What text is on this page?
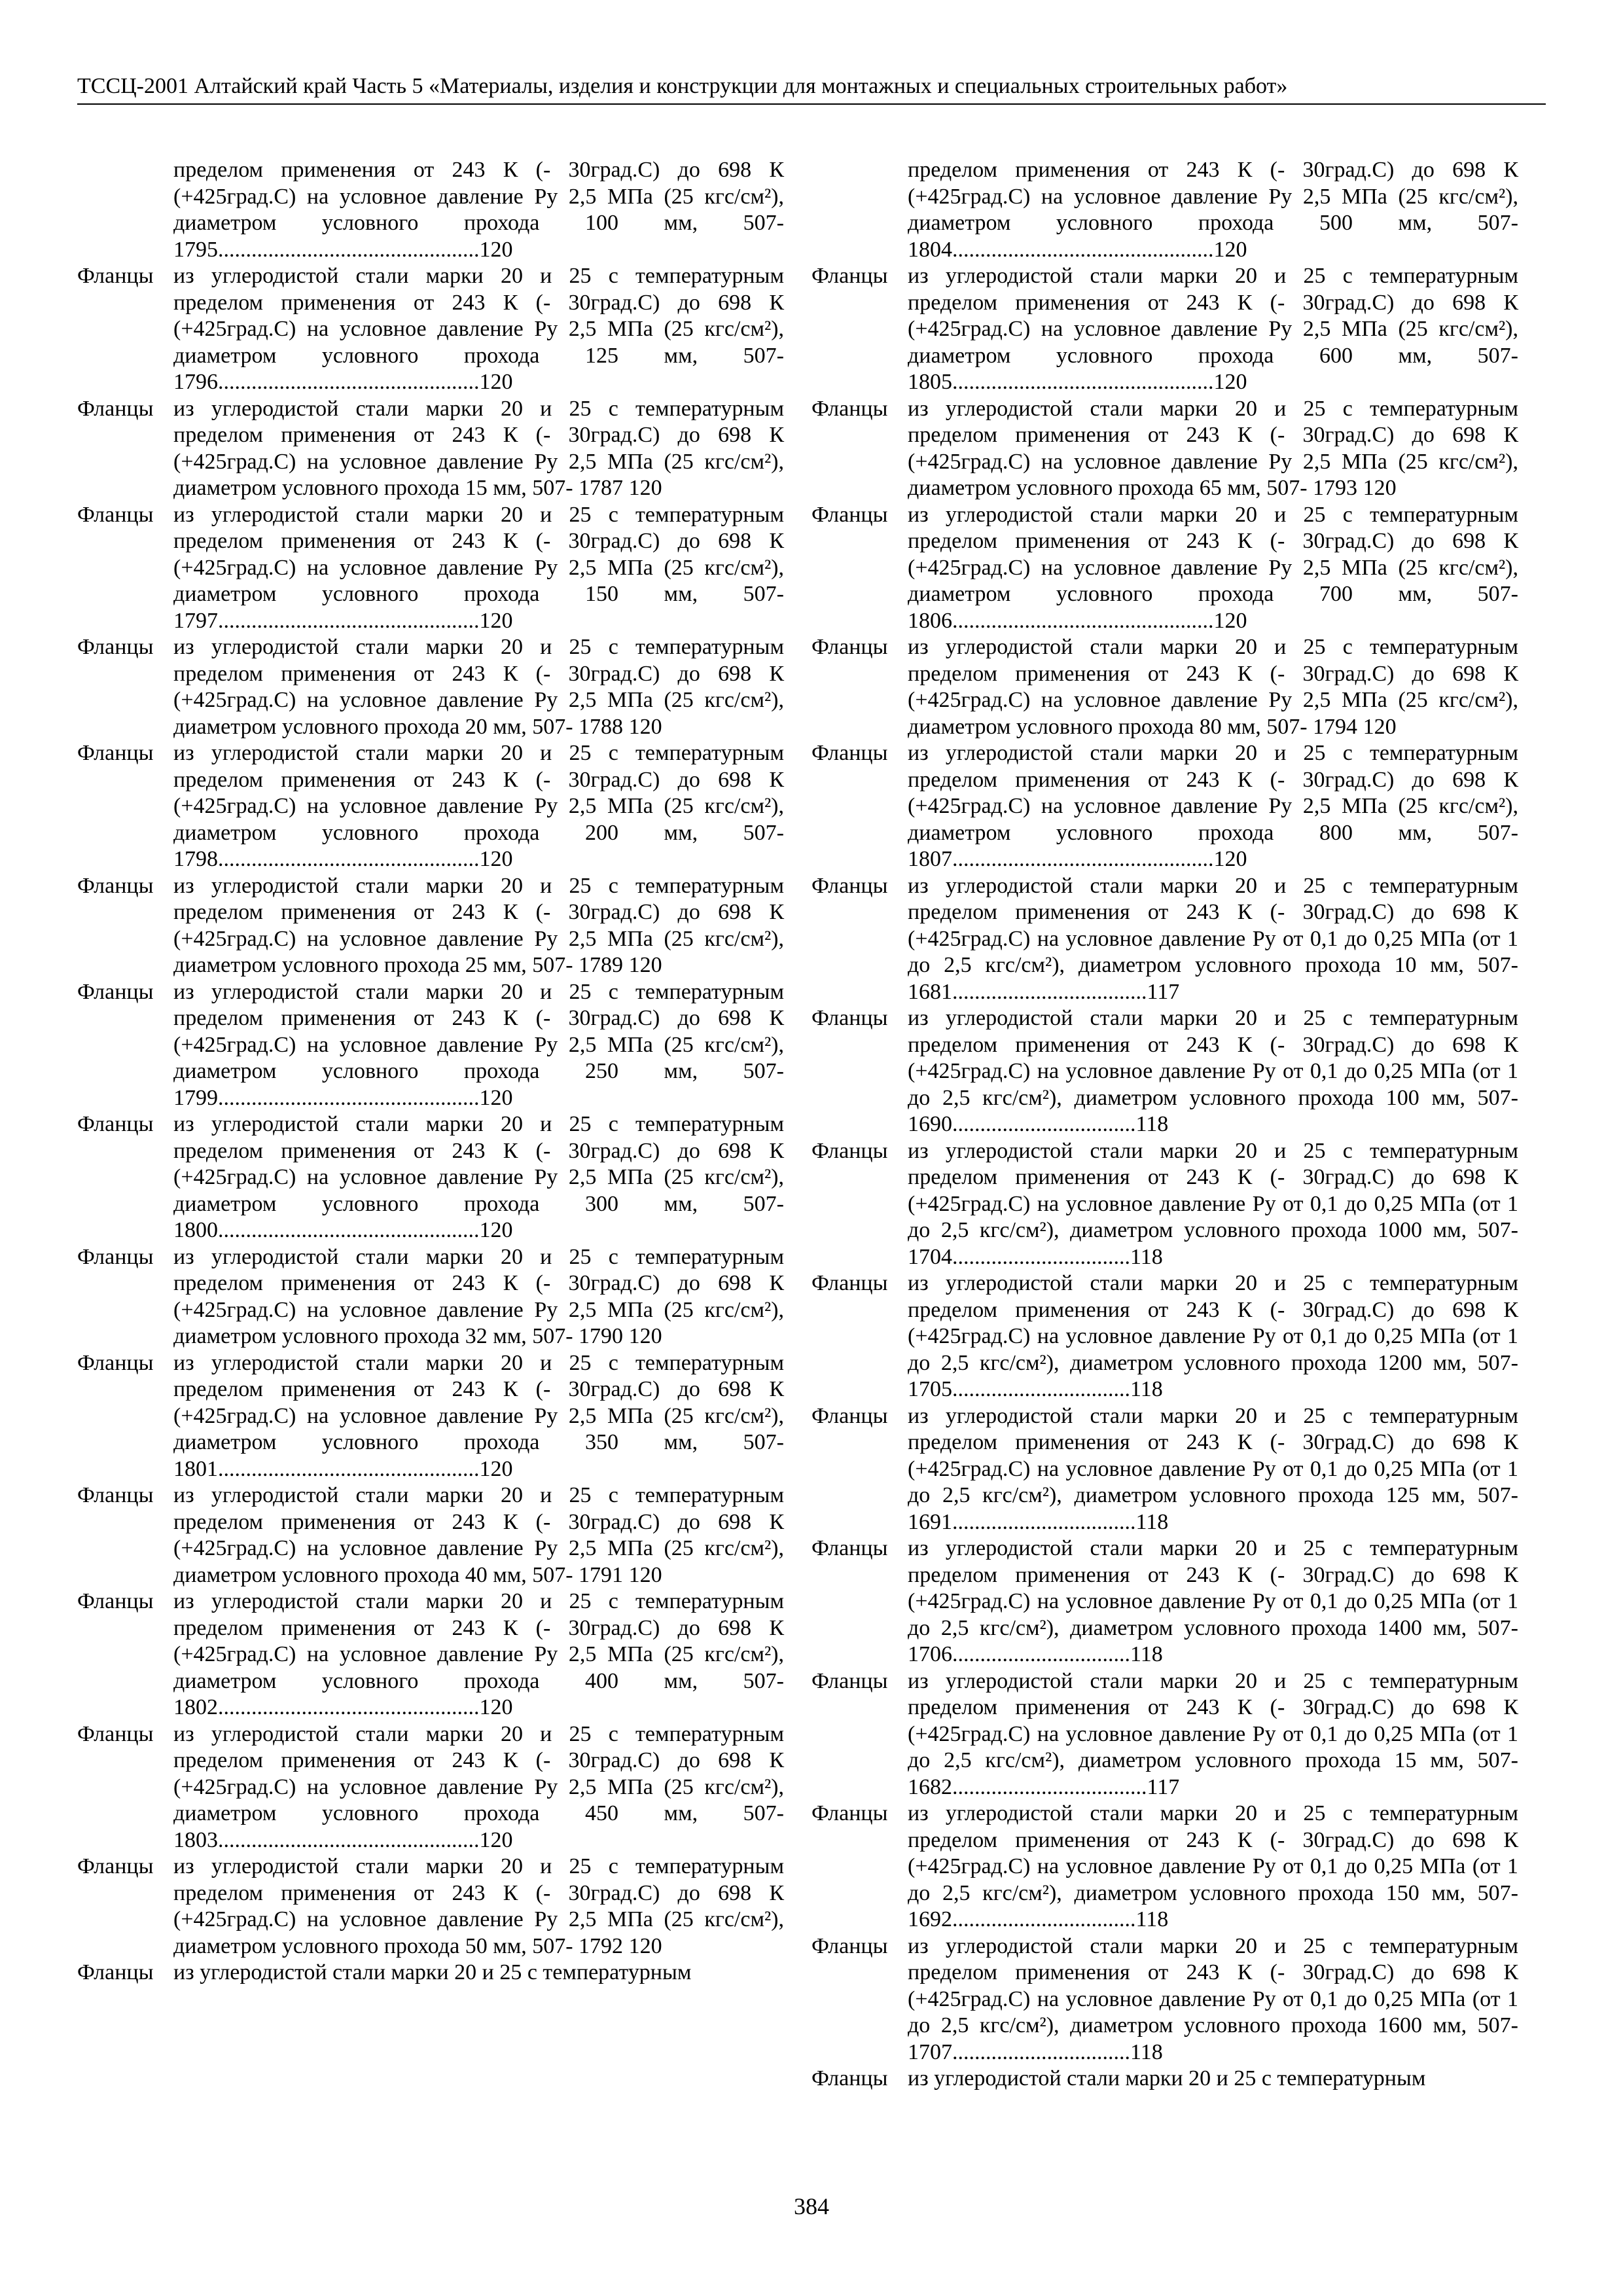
ТССЦ-2001 Алтайский край Часть 5 «Материалы, изделия и конструкции для монтажных и специальных строительных работ»
пределом применения от 243 К (- 30град.С) до 698 К (+425град.С) на условное давление Ру 2,5 МПа (25 кгс/см²), диаметром условного прохода 100 мм, 507-1795...............................................120
Фланцы из углеродистой стали марки 20 и 25 с температурным пределом применения от 243 К (- 30град.С) до 698 К (+425град.С) на условное давление Ру 2,5 МПа (25 кгс/см²), диаметром условного прохода 125 мм, 507-1796...............................................120
Фланцы из углеродистой стали марки 20 и 25 с температурным пределом применения от 243 К (- 30град.С) до 698 К (+425град.С) на условное давление Ру 2,5 МПа (25 кгс/см²), диаметром условного прохода 15 мм, 507- 1787 120
Фланцы из углеродистой стали марки 20 и 25 с температурным пределом применения от 243 К (- 30град.С) до 698 К (+425град.С) на условное давление Ру 2,5 МПа (25 кгс/см²), диаметром условного прохода 150 мм, 507-1797...............................................120
Фланцы из углеродистой стали марки 20 и 25 с температурным пределом применения от 243 К (- 30град.С) до 698 К (+425град.С) на условное давление Ру 2,5 МПа (25 кгс/см²), диаметром условного прохода 20 мм, 507- 1788 120
Фланцы из углеродистой стали марки 20 и 25 с температурным пределом применения от 243 К (- 30град.С) до 698 К (+425град.С) на условное давление Ру 2,5 МПа (25 кгс/см²), диаметром условного прохода 200 мм, 507-1798...............................................120
Фланцы из углеродистой стали марки 20 и 25 с температурным пределом применения от 243 К (- 30град.С) до 698 К (+425град.С) на условное давление Ру 2,5 МПа (25 кгс/см²), диаметром условного прохода 25 мм, 507- 1789 120
Фланцы из углеродистой стали марки 20 и 25 с температурным пределом применения от 243 К (- 30град.С) до 698 К (+425град.С) на условное давление Ру 2,5 МПа (25 кгс/см²), диаметром условного прохода 250 мм, 507-1799...............................................120
Фланцы из углеродистой стали марки 20 и 25 с температурным пределом применения от 243 К (- 30град.С) до 698 К (+425град.С) на условное давление Ру 2,5 МПа (25 кгс/см²), диаметром условного прохода 300 мм, 507-1800...............................................120
Фланцы из углеродистой стали марки 20 и 25 с температурным пределом применения от 243 К (- 30град.С) до 698 К (+425град.С) на условное давление Ру 2,5 МПа (25 кгс/см²), диаметром условного прохода 32 мм, 507- 1790 120
Фланцы из углеродистой стали марки 20 и 25 с температурным пределом применения от 243 К (- 30град.С) до 698 К (+425град.С) на условное давление Ру 2,5 МПа (25 кгс/см²), диаметром условного прохода 350 мм, 507-1801...............................................120
Фланцы из углеродистой стали марки 20 и 25 с температурным пределом применения от 243 К (- 30град.С) до 698 К (+425град.С) на условное давление Ру 2,5 МПа (25 кгс/см²), диаметром условного прохода 40 мм, 507- 1791 120
Фланцы из углеродистой стали марки 20 и 25 с температурным пределом применения от 243 К (- 30град.С) до 698 К (+425град.С) на условное давление Ру 2,5 МПа (25 кгс/см²), диаметром условного прохода 400 мм, 507-1802...............................................120
Фланцы из углеродистой стали марки 20 и 25 с температурным пределом применения от 243 К (- 30град.С) до 698 К (+425град.С) на условное давление Ру 2,5 МПа (25 кгс/см²), диаметром условного прохода 450 мм, 507-1803...............................................120
Фланцы из углеродистой стали марки 20 и 25 с температурным пределом применения от 243 К (- 30град.С) до 698 К (+425град.С) на условное давление Ру 2,5 МПа (25 кгс/см²), диаметром условного прохода 50 мм, 507- 1792 120
Фланцы из углеродистой стали марки 20 и 25 с температурным
пределом применения от 243 К (- 30град.С) до 698 К (+425град.С) на условное давление Ру 2,5 МПа (25 кгс/см²), диаметром условного прохода 500 мм, 507-1804...............................................120
Фланцы из углеродистой стали марки 20 и 25 с температурным пределом применения от 243 К (- 30град.С) до 698 К (+425град.С) на условное давление Ру 2,5 МПа (25 кгс/см²), диаметром условного прохода 600 мм, 507-1805...............................................120
Фланцы из углеродистой стали марки 20 и 25 с температурным пределом применения от 243 К (- 30град.С) до 698 К (+425град.С) на условное давление Ру 2,5 МПа (25 кгс/см²), диаметром условного прохода 65 мм, 507- 1793 120
Фланцы из углеродистой стали марки 20 и 25 с температурным пределом применения от 243 К (- 30град.С) до 698 К (+425град.С) на условное давление Ру 2,5 МПа (25 кгс/см²), диаметром условного прохода 700 мм, 507-1806...............................................120
Фланцы из углеродистой стали марки 20 и 25 с температурным пределом применения от 243 К (- 30град.С) до 698 К (+425град.С) на условное давление Ру 2,5 МПа (25 кгс/см²), диаметром условного прохода 80 мм, 507- 1794 120
Фланцы из углеродистой стали марки 20 и 25 с температурным пределом применения от 243 К (- 30град.С) до 698 К (+425град.С) на условное давление Ру 2,5 МПа (25 кгс/см²), диаметром условного прохода 800 мм, 507-1807...............................................120
Фланцы из углеродистой стали марки 20 и 25 с температурным пределом применения от 243 К (- 30град.С) до 698 К (+425град.С) на условное давление Ру от 0,1 до 0,25 МПа (от 1 до 2,5 кгс/см²), диаметром условного прохода 10 мм, 507- 1681...................................117
Фланцы из углеродистой стали марки 20 и 25 с температурным пределом применения от 243 К (- 30град.С) до 698 К (+425град.С) на условное давление Ру от 0,1 до 0,25 МПа (от 1 до 2,5 кгс/см²), диаметром условного прохода 100 мм, 507- 1690.................................118
Фланцы из углеродистой стали марки 20 и 25 с температурным пределом применения от 243 К (- 30град.С) до 698 К (+425град.С) на условное давление Ру от 0,1 до 0,25 МПа (от 1 до 2,5 кгс/см²), диаметром условного прохода 1000 мм, 507- 1704................................118
Фланцы из углеродистой стали марки 20 и 25 с температурным пределом применения от 243 К (- 30град.С) до 698 К (+425град.С) на условное давление Ру от 0,1 до 0,25 МПа (от 1 до 2,5 кгс/см²), диаметром условного прохода 1200 мм, 507- 1705................................118
Фланцы из углеродистой стали марки 20 и 25 с температурным пределом применения от 243 К (- 30град.С) до 698 К (+425град.С) на условное давление Ру от 0,1 до 0,25 МПа (от 1 до 2,5 кгс/см²), диаметром условного прохода 125 мм, 507- 1691.................................118
Фланцы из углеродистой стали марки 20 и 25 с температурным пределом применения от 243 К (- 30град.С) до 698 К (+425град.С) на условное давление Ру от 0,1 до 0,25 МПа (от 1 до 2,5 кгс/см²), диаметром условного прохода 1400 мм, 507- 1706................................118
Фланцы из углеродистой стали марки 20 и 25 с температурным пределом применения от 243 К (- 30град.С) до 698 К (+425град.С) на условное давление Ру от 0,1 до 0,25 МПа (от 1 до 2,5 кгс/см²), диаметром условного прохода 15 мм, 507- 1682...................................117
Фланцы из углеродистой стали марки 20 и 25 с температурным пределом применения от 243 К (- 30град.С) до 698 К (+425град.С) на условное давление Ру от 0,1 до 0,25 МПа (от 1 до 2,5 кгс/см²), диаметром условного прохода 150 мм, 507- 1692.................................118
Фланцы из углеродистой стали марки 20 и 25 с температурным пределом применения от 243 К (- 30град.С) до 698 К (+425град.С) на условное давление Ру от 0,1 до 0,25 МПа (от 1 до 2,5 кгс/см²), диаметром условного прохода 1600 мм, 507- 1707................................118
Фланцы из углеродистой стали марки 20 и 25 с температурным
384
